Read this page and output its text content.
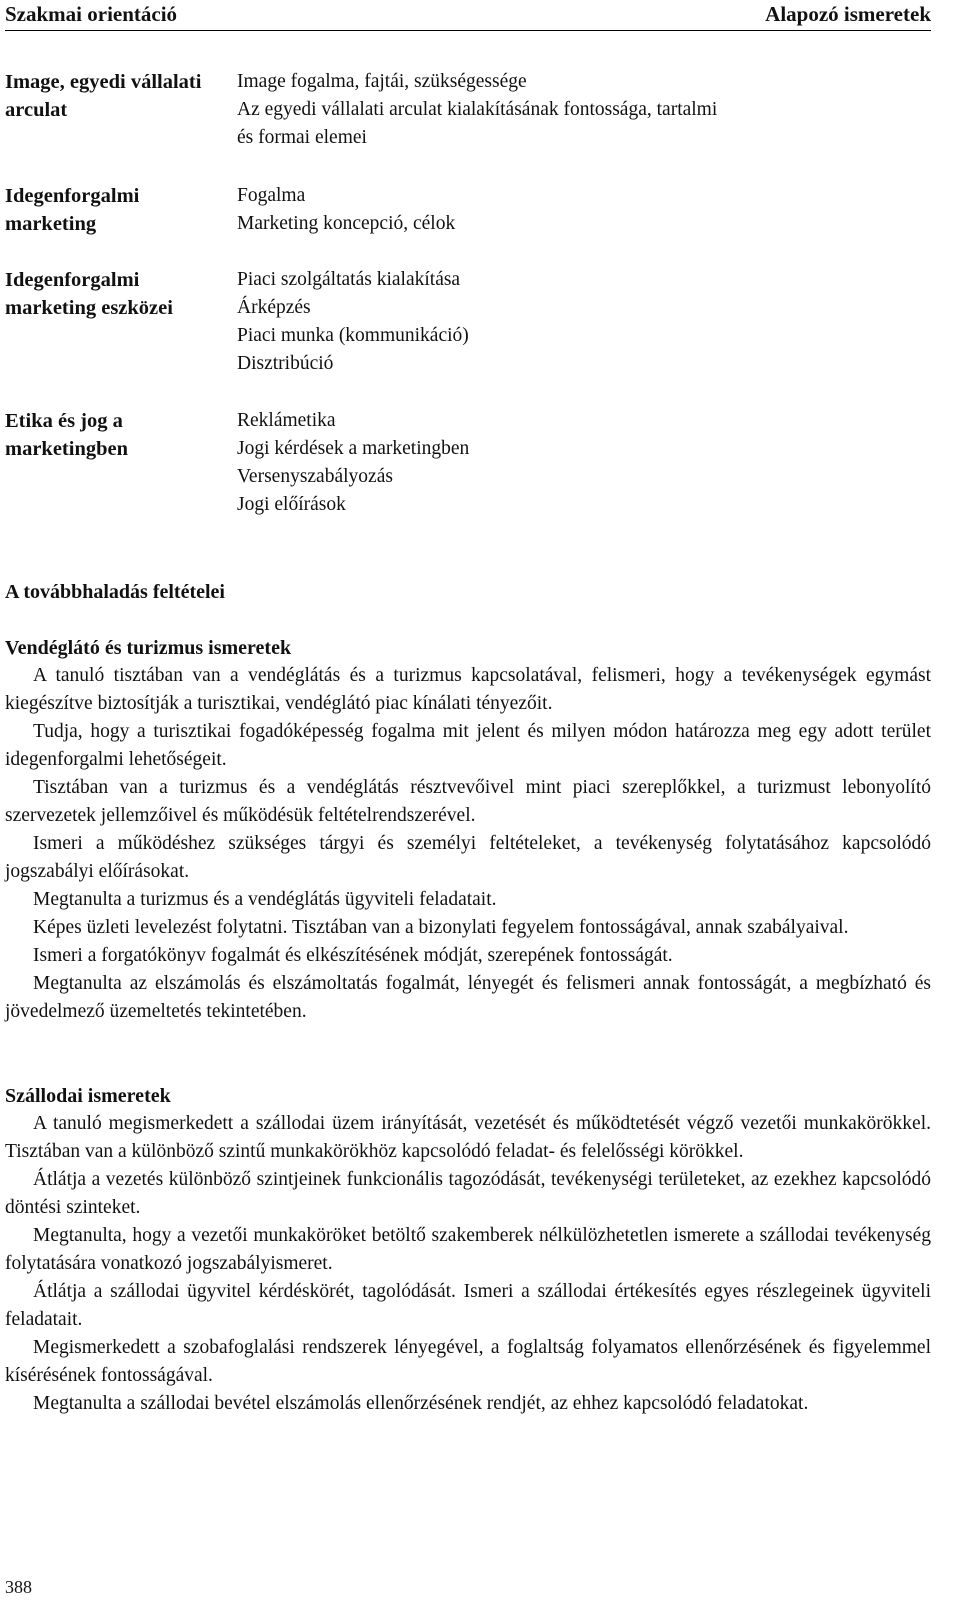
Szakmai orientáció	Alapozó ismeretek
Image, egyedi vállalati arculat
Image fogalma, fajtái, szükségessége
Az egyedi vállalati arculat kialakításának fontossága, tartalmi
és formai elemei
Idegenforgalmi marketing
Fogalma
Marketing koncepció, célok
Idegenforgalmi marketing eszközei
Piaci szolgáltatás kialakítása
Árképzés
Piaci munka (kommunikáció)
Disztribúció
Etika és jog a marketingben
Reklámetika
Jogi kérdések a marketingben
Versenyszabályozás
Jogi előírások
A továbbhaladás feltételei
Vendéglátó és turizmus ismeretek

A tanuló tisztában van a vendéglátás és a turizmus kapcsolatával, felismeri, hogy a tevékenységek egymást kiegészítve biztosítják a turisztikai, vendéglátó piac kínálati tényezőit.

Tudja, hogy a turisztikai fogadóképesség fogalma mit jelent és milyen módon határozza meg egy adott terület idegenforgalmi lehetőségeit.

Tisztában van a turizmus és a vendéglátás résztvevőivel mint piaci szereplőkkel, a turizmust lebonyolító szervezetek jellemzőivel és működésük feltételrendszerével.

Ismeri a működéshez szükséges tárgyi és személyi feltételeket, a tevékenység folytatásához kapcsolódó jogszabályi előírásokat.

Megtanulta a turizmus és a vendéglátás ügyviteli feladatait.

Képes üzleti levelezést folytatni. Tisztában van a bizonylati fegyelem fontosságával, annak szabályaival.

Ismeri a forgatókönyv fogalmát és elkészítésének módját, szerepének fontosságát.

Megtanulta az elszámolás és elszámoltatás fogalmát, lényegét és felismeri annak fontosságát, a megbízható és jövedelmező üzemeltetés tekintetében.

Szállodai ismeretek

A tanuló megismerkedett a szállodai üzem irányítását, vezetését és működtetését végző vezetői munkakörökkel. Tisztában van a különböző szintű munkakörökhöz kapcsolódó feladat- és felelősségi körökkel.

Átlátja a vezetés különböző szintjeinek funkcionális tagozódását, tevékenységi területeket, az ezekhez kapcsolódó döntési szinteket.

Megtanulta, hogy a vezetői munkaköröket betöltő szakemberek nélkülözhetetlen ismerete a szállodai tevékenység folytatására vonatkozó jogszabályismeret.

Átlátja a szállodai ügyvitel kérdéskörét, tagolódását. Ismeri a szállodai értékesítés egyes részlegeinek ügyviteli feladatait.

Megismerkedett a szobafoglalási rendszerek lényegével, a foglaltság folyamatos ellenőrzésének és figyelemmel kísérésének fontosságával.

Megtanulta a szállodai bevétel elszámolás ellenőrzésének rendjét, az ehhez kapcsolódó feladatokat.

388
